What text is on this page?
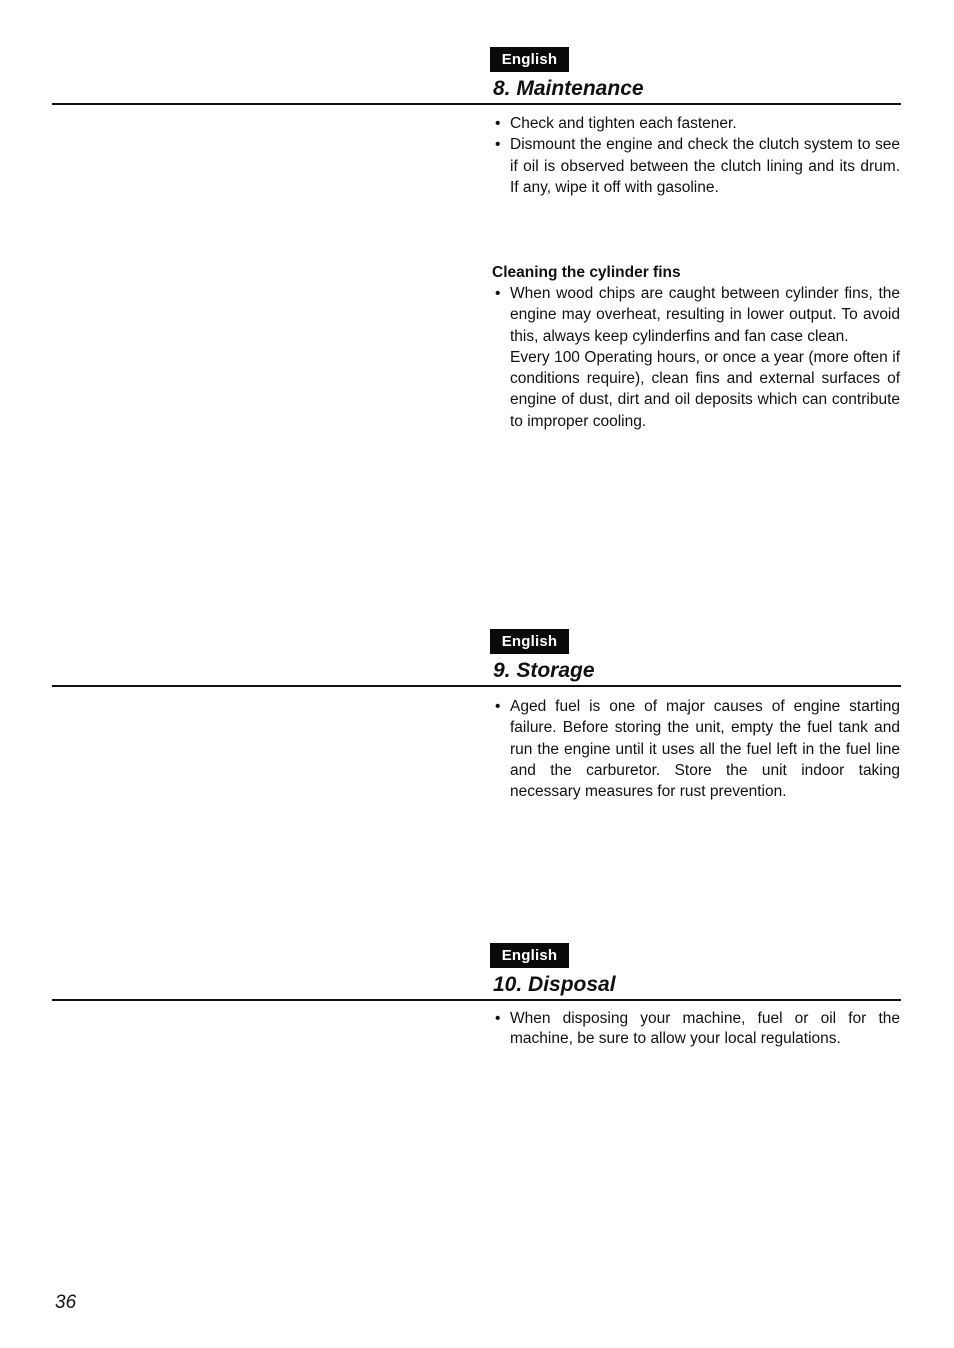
English
8. Maintenance
• Check and tighten each fastener.

• Dismount the engine and check the clutch system to see if oil is observed between the clutch lining and its drum. If any, wipe it off with gasoline.

Cleaning the cylinder fins
• When wood chips are caught between cylinder fins, the engine may overheat, resulting in lower output. To avoid this, always keep cylinderfins and fan case clean.

Every 100 Operating hours, or once a year (more often if conditions require), clean fins and external surfaces of engine of dust, dirt and oil deposits which can contribute to improper cooling.

English
9. Storage
• Aged fuel is one of major causes of engine starting failure. Before storing the unit, empty the fuel tank and run the engine until it uses all the fuel left in the fuel line and the carburetor. Store the unit indoor taking necessary measures for rust prevention.

English
10. Disposal
• When disposing your machine, fuel or oil for the machine, be sure to allow your local regulations.

36
